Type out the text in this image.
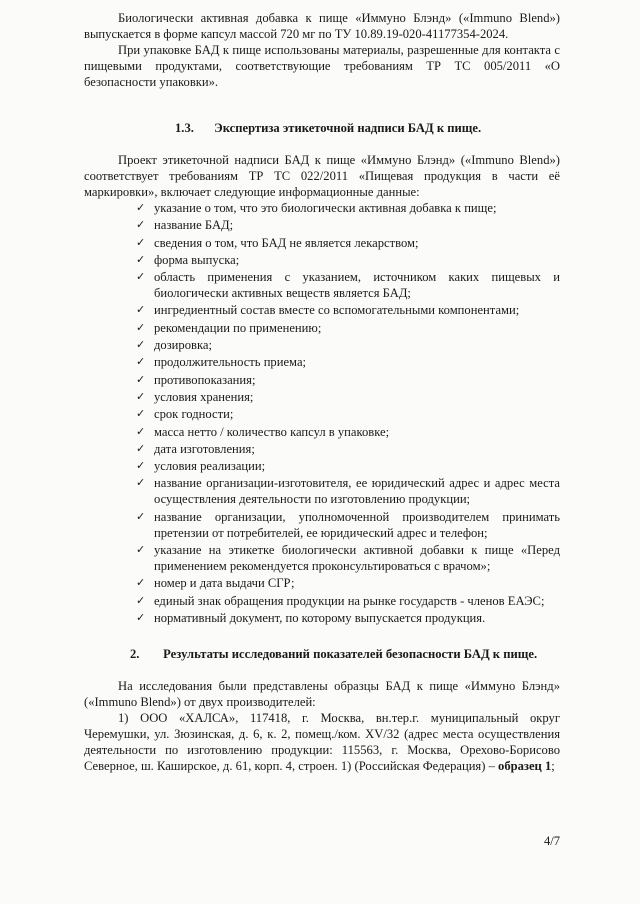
Биологически активная добавка к пище «Иммуно Блэнд» («Immuno Blend») выпускается в форме капсул массой 720 мг по ТУ 10.89.19-020-41177354-2024.

При упаковке БАД к пище использованы материалы, разрешенные для контакта с пищевыми продуктами, соответствующие требованиям ТР ТС 005/2011 «О безопасности упаковки».

1.3. Экспертиза этикеточной надписи БАД к пище.

Проект этикеточной надписи БАД к пище «Иммуно Блэнд» («Immuno Blend») соответствует требованиям ТР ТС 022/2011 «Пищевая продукция в части её маркировки», включает следующие информационные данные:

✓ указание о том, что это биологически активная добавка к пище;
✓ название БАД;
✓ сведения о том, что БАД не является лекарством;
✓ форма выпуска;
✓ область применения с указанием, источником каких пищевых и биологически активных веществ является БАД;
✓ ингредиентный состав вместе со вспомогательными компонентами;
✓ рекомендации по применению;
✓ дозировка;
✓ продолжительность приема;
✓ противопоказания;
✓ условия хранения;
✓ срок годности;
✓ масса нетто / количество капсул в упаковке;
✓ дата изготовления;
✓ условия реализации;
✓ название организации-изготовителя, ее юридический адрес и адрес места осуществления деятельности по изготовлению продукции;
✓ название организации, уполномоченной производителем принимать претензии от потребителей, ее юридический адрес и телефон;
✓ указание на этикетке биологически активной добавки к пище «Перед применением рекомендуется проконсультироваться с врачом»;
✓ номер и дата выдачи СГР;
✓ единый знак обращения продукции на рынке государств - членов ЕАЭС;
✓ нормативный документ, по которому выпускается продукция.
2. Результаты исследований показателей безопасности БАД к пище.

На исследования были представлены образцы БАД к пище «Иммуно Блэнд» («Immuno Blend») от двух производителей:

1) ООО «ХАЛСА», 117418, г. Москва, вн.тер.г. муниципальный округ Черемушки, ул. Зюзинская, д. 6, к. 2, помещ./ком. XV/32 (адрес места осуществления деятельности по изготовлению продукции: 115563, г. Москва, Орехово-Борисово Северное, ш. Каширское, д. 61, корп. 4, строен. 1) (Российская Федерация) – образец 1;

4/7
